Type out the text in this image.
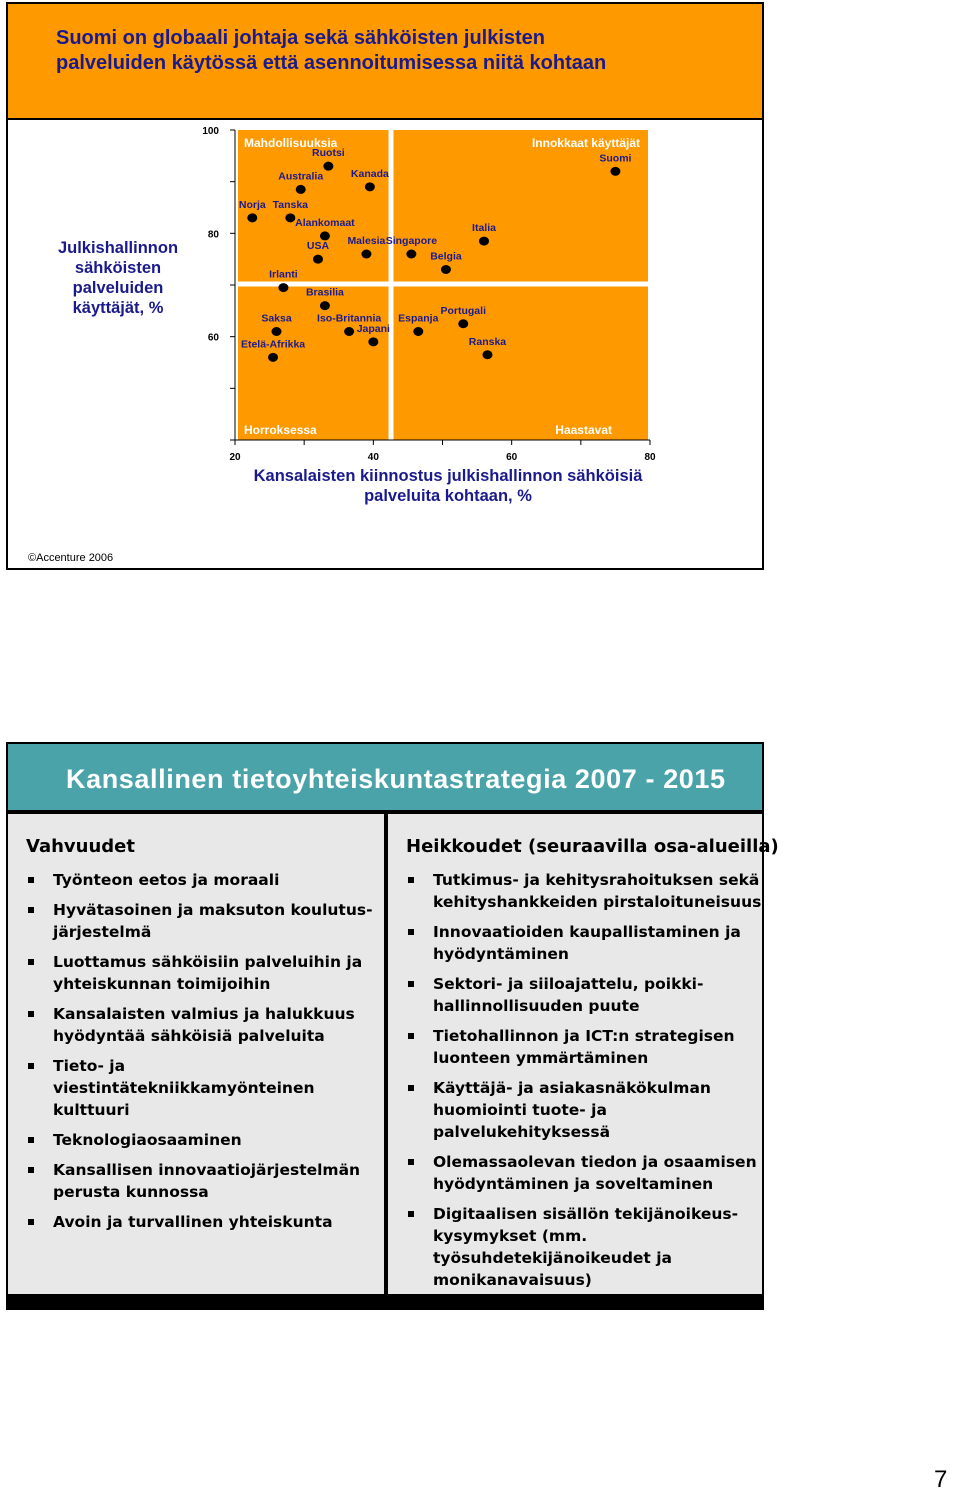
Suomi on globaali johtaja sekä sähköisten julkisten palveluiden käytössä että asennoitumisessa niitä kohtaan
Julkishallinnon sähköisten palveluiden käyttäjät, %
Kansalaisten kiinnostus julkishallinnon sähköisiä palveluita kohtaan, %
©Accenture 2006
60
80
100
20	40	60	80
Mahdollisuuksia	Innokkaat käyttäjät
Horroksessa	Haastavat
Suomi
Ruotsi
Australia	Kanada
Norja Tanska
Alankomaat	Italia
USA Malesia Singapore
Belgia
Irlanti
Brasilia
Portugali
Saksa Iso-Britannia Espanja
Japani
Etelä-Afrikka	Ranska
Kansallinen tietoyhteiskuntastrategia 2007 - 2015
Vahvuudet
Työnteon eetos ja moraali
Hyvätasoinen ja maksuton koulutus-järjestelmä
Luottamus sähköisiin palveluihin ja yhteiskunnan toimijoihin
Kansalaisten valmius ja halukkuus hyödyntää sähköisiä palveluita
Tieto- ja viestintätekniikkamyönteinen kulttuuri
Teknologiaosaaminen
Kansallisen innovaatiojärjestelmän perusta kunnossa
Avoin ja turvallinen yhteiskunta
Heikkoudet (seuraavilla osa-alueilla)
Tutkimus- ja kehitysrahoituksen sekä kehityshankkeiden pirstaloituneisuus
Innovaatioiden kaupallistaminen ja hyödyntäminen
Sektori- ja siiloajattelu, poikki-hallinnollisuuden puute
Tietohallinnon ja ICT:n strategisen luonteen ymmärtäminen
Käyttäjä- ja asiakasnäkökulman huomiointi tuote- ja palvelukehityksessä
Olemassaolevan tiedon ja osaamisen hyödyntäminen ja soveltaminen
Digitaalisen sisällön tekijänoikeus-kysymykset (mm. työsuhdetekijänoikeudet ja monikanavaisuus)
7
